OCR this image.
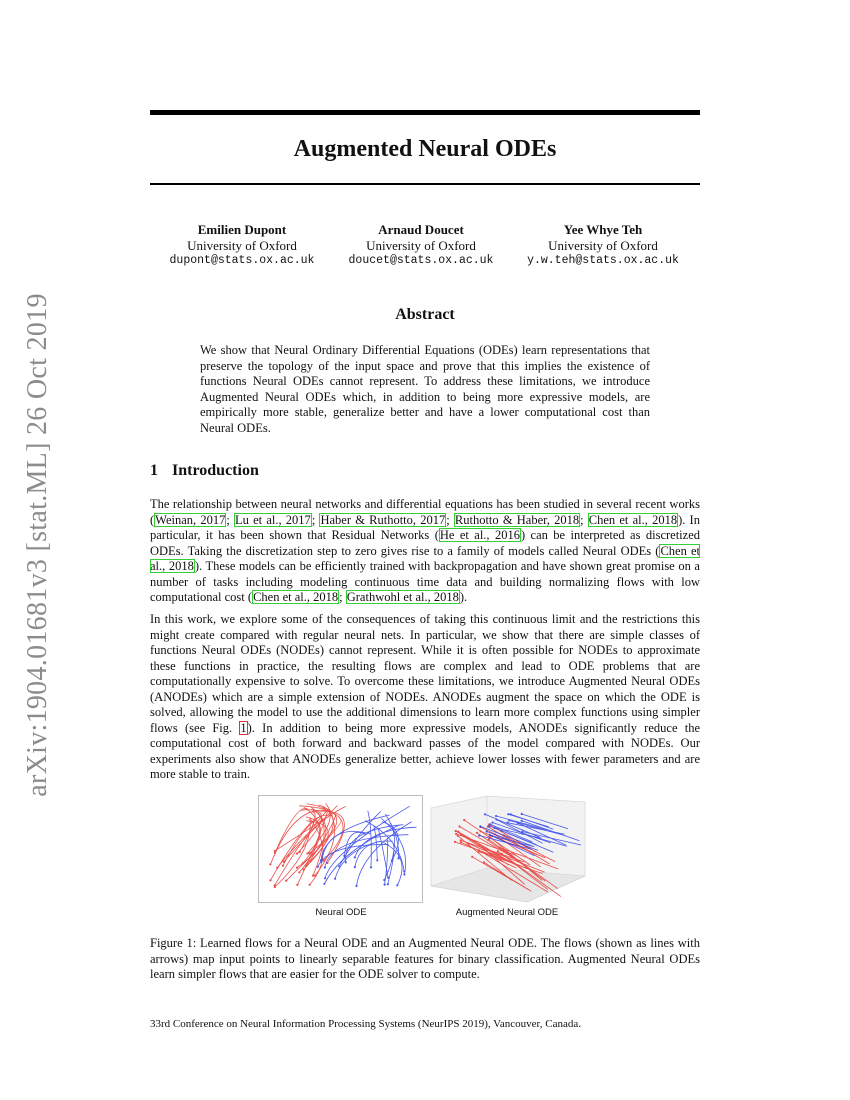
arXiv:1904.01681v3 [stat.ML] 26 Oct 2019
Augmented Neural ODEs
Emilien Dupont
University of Oxford
dupont@stats.ox.ac.uk
Arnaud Doucet
University of Oxford
doucet@stats.ox.ac.uk
Yee Whye Teh
University of Oxford
y.w.teh@stats.ox.ac.uk
Abstract

We show that Neural Ordinary Differential Equations (ODEs) learn representations that preserve the topology of the input space and prove that this implies the existence of functions Neural ODEs cannot represent. To address these limitations, we introduce Augmented Neural ODEs which, in addition to being more expressive models, are empirically more stable, generalize better and have a lower computational cost than Neural ODEs.

1 Introduction

The relationship between neural networks and differential equations has been studied in several recent works (Weinan, 2017; Lu et al., 2017; Haber & Ruthotto, 2017; Ruthotto & Haber, 2018; Chen et al., 2018). In particular, it has been shown that Residual Networks (He et al., 2016) can be interpreted as discretized ODEs. Taking the discretization step to zero gives rise to a family of models called Neural ODEs (Chen et al., 2018). These models can be efficiently trained with backpropagation and have shown great promise on a number of tasks including modeling continuous time data and building normalizing flows with low computational cost (Chen et al., 2018; Grathwohl et al., 2018).

In this work, we explore some of the consequences of taking this continuous limit and the restrictions this might create compared with regular neural nets. In particular, we show that there are simple classes of functions Neural ODEs (NODEs) cannot represent. While it is often possible for NODEs to approximate these functions in practice, the resulting flows are complex and lead to ODE problems that are computationally expensive to solve. To overcome these limitations, we introduce Augmented Neural ODEs (ANODEs) which are a simple extension of NODEs. ANODEs augment the space on which the ODE is solved, allowing the model to use the additional dimensions to learn more complex functions using simpler flows (see Fig. 1). In addition to being more expressive models, ANODEs significantly reduce the computational cost of both forward and backward passes of the model compared with NODEs. Our experiments also show that ANODEs generalize better, achieve lower losses with fewer parameters and are more stable to train.

Neural ODE	Augmented Neural ODE

Figure 1: Learned flows for a Neural ODE and an Augmented Neural ODE. The flows (shown as lines with arrows) map input points to linearly separable features for binary classification. Augmented Neural ODEs learn simpler flows that are easier for the ODE solver to compute.

33rd Conference on Neural Information Processing Systems (NeurIPS 2019), Vancouver, Canada.
